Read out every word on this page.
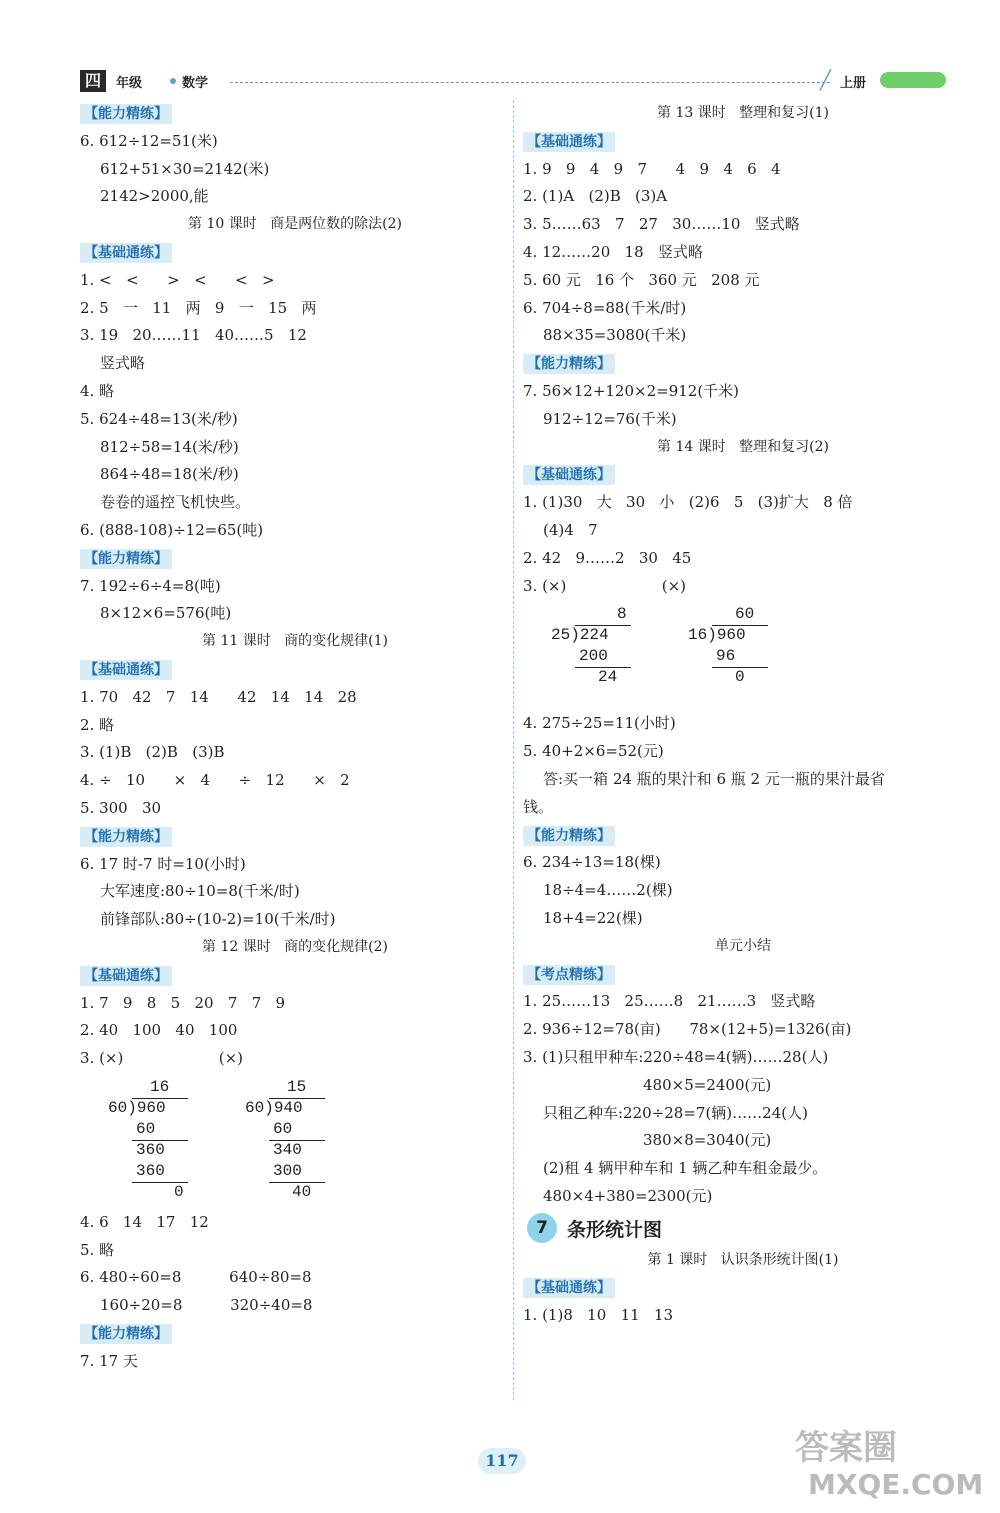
四	年级	数学	╱ 上册
【能力精练】
6. 612÷12=51(米)
612+51×30=2142(米)
2142>2000,能
第 10 课时   商是两位数的除法(2)
【基础通练】
1. <   <      >   <      <   >
2. 5   一   11   两   9   一   15   两
3. 19   20……11   40……5   12
竖式略
4. 略
5. 624÷48=13(米/秒)
812÷58=14(米/秒)
864÷48=18(米/秒)
卷卷的遥控飞机快些。
6. (888-108)÷12=65(吨)
【能力精练】
7. 192÷6÷4=8(吨)
8×12×6=576(吨)
第 11 课时   商的变化规律(1)
【基础通练】
1. 70   42   7   14      42   14   14   28
2. 略
3. (1)B   (2)B   (3)B
4. ÷   10      ×   4      ÷   12      ×   2
5. 300   30
【能力精练】
6. 17 时-7 时=10(小时)
大军速度:80÷10=8(千米/时)
前锋部队:80÷(10-2)=10(千米/时)
第 12 课时   商的变化规律(2)
【基础通练】
1. 7   9   8   5   20   7   7   9
2. 40   100   40   100
3. (×)                    (×)
16
60)960
60
360
360
0
15
60)940
60
340
300
40
4. 6   14   17   12
5. 略
6. 480÷60=8          640÷80=8
160÷20=8          320÷40=8
【能力精练】
7. 17 天
第 13 课时   整理和复习(1)
【基础通练】
1. 9   9   4   9   7      4   9   4   6   4
2. (1)A   (2)B   (3)A
3. 5……63   7   27   30……10   竖式略
4. 12……20   18   竖式略
5. 60 元   16 个   360 元   208 元
6. 704÷8=88(千米/时)
88×35=3080(千米)
【能力精练】
7. 56×12+120×2=912(千米)
912÷12=76(千米)
第 14 课时   整理和复习(2)
【基础通练】
1. (1)30   大   30   小   (2)6   5   (3)扩大   8 倍
(4)4   7
2. 42   9……2   30   45
3. (×)                    (×)
8
25)224
200
24
60
16)960
96
0
4. 275÷25=11(小时)
5. 40+2×6=52(元)
答:买一箱 24 瓶的果汁和 6 瓶 2 元一瓶的果汁最省
钱。
【能力精练】
6. 234÷13=18(棵)
18÷4=4……2(棵)
18+4=22(棵)
单元小结
【考点精练】
1. 25……13   25……8   21……3   竖式略
2. 936÷12=78(亩)      78×(12+5)=1326(亩)
3. (1)只租甲种车:220÷48=4(辆)……28(人)
480×5=2400(元)
只租乙种车:220÷28=7(辆)……24(人)
380×8=3040(元)
(2)租 4 辆甲种车和 1 辆乙种车租金最少。
480×4+380=2300(元)
7	条形统计图
第 1 课时   认识条形统计图(1)
【基础通练】
1. (1)8   10   11   13
117	答案圈
MXQE.COM
